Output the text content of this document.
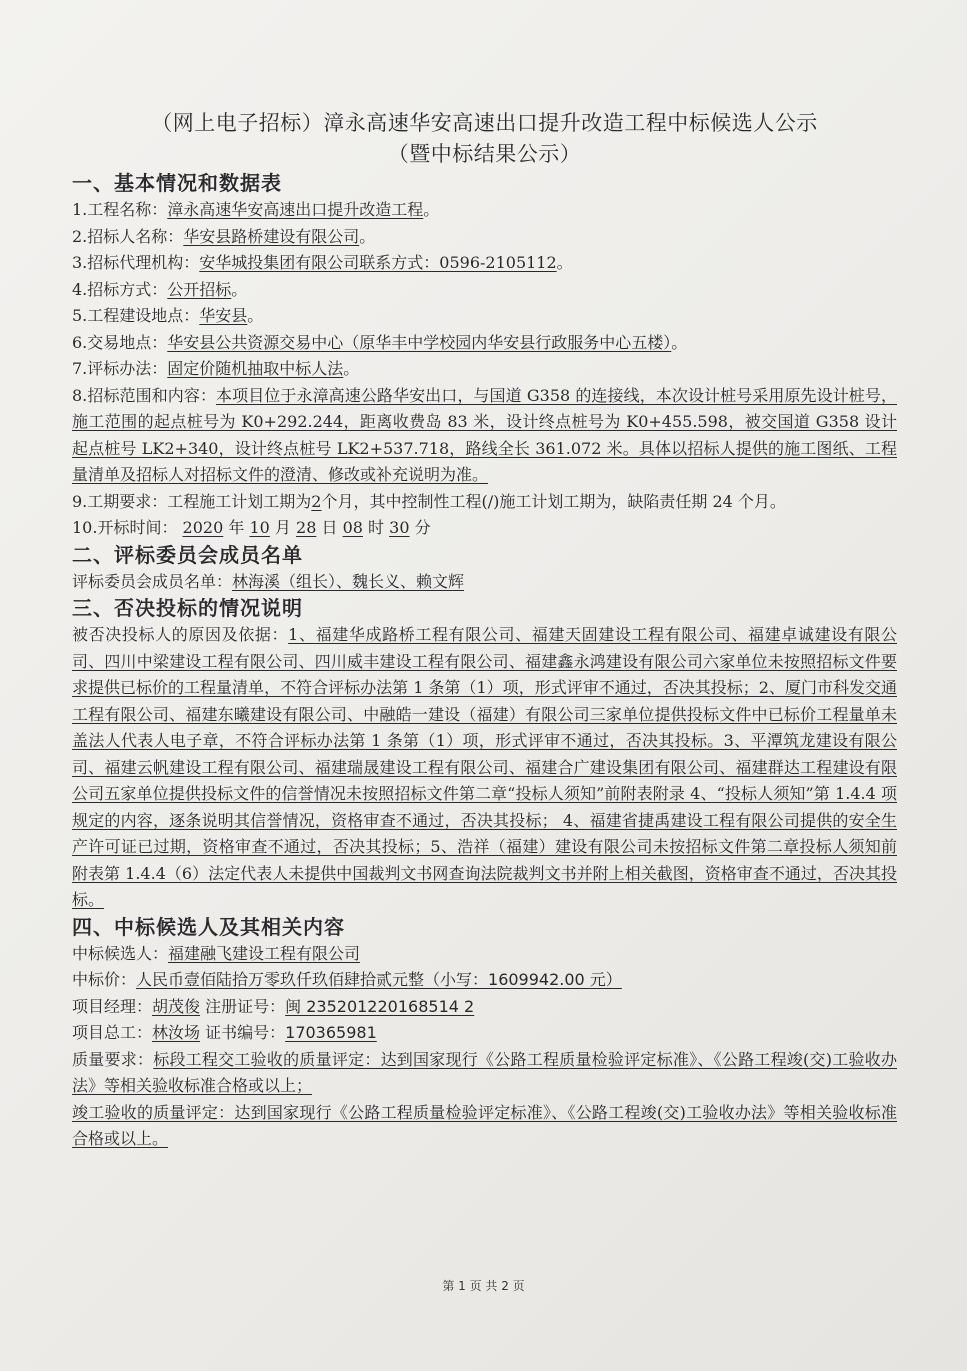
（网上电子招标）漳永高速华安高速出口提升改造工程中标候选人公示
（暨中标结果公示）

一、基本情况和数据表

1.工程名称：漳永高速华安高速出口提升改造工程。

2.招标人名称：华安县路桥建设有限公司。

3.招标代理机构：安华城投集团有限公司联系方式：0596-2105112。

4.招标方式：公开招标。

5.工程建设地点：华安县。

6.交易地点：华安县公共资源交易中心（原华丰中学校园内华安县行政服务中心五楼）。

7.评标办法：固定价随机抽取中标人法。

8.招标范围和内容：本项目位于永漳高速公路华安出口，与国道 G358 的连接线，本次设计桩号采用原先设计桩号，施工范围的起点桩号为 K0+292.244，距离收费岛 83 米，设计终点桩号为 K0+455.598，被交国道 G358 设计起点桩号 LK2+340，设计终点桩号 LK2+537.718，路线全长 361.072 米。具体以招标人提供的施工图纸、工程量清单及招标人对招标文件的澄清、修改或补充说明为准。

9.工期要求：工程施工计划工期为2个月，其中控制性工程(/)施工计划工期为，缺陷责任期 24 个月。

10.开标时间： 2020 年 10 月 28 日 08 时 30 分

二、评标委员会成员名单

评标委员会成员名单：林海溪（组长）、魏长义、赖文辉

三、否决投标的情况说明

被否决投标人的原因及依据：1、福建华成路桥工程有限公司、福建天固建设工程有限公司、福建卓诚建设有限公司、四川中梁建设工程有限公司、四川威丰建设工程有限公司、福建鑫永鸿建设有限公司六家单位未按照招标文件要求提供已标价的工程量清单，不符合评标办法第 1 条第（1）项，形式评审不通过，否决其投标；2、厦门市科发交通工程有限公司、福建东曦建设有限公司、中融皓一建设（福建）有限公司三家单位提供投标文件中已标价工程量单未盖法人代表人电子章，不符合评标办法第 1 条第（1）项，形式评审不通过，否决其投标。3、平潭筑龙建设有限公司、福建云帆建设工程有限公司、福建瑞晟建设工程有限公司、福建合广建设集团有限公司、福建群达工程建设有限公司五家单位提供投标文件的信誉情况未按照招标文件第二章“投标人须知”前附表附录 4、“投标人须知”第 1.4.4 项规定的内容，逐条说明其信誉情况，资格审查不通过，否决其投标； 4、福建省捷禹建设工程有限公司提供的安全生产许可证已过期，资格审查不通过，否决其投标；5、浩祥（福建）建设有限公司未按招标文件第二章投标人须知前附表第 1.4.4（6）法定代表人未提供中国裁判文书网查询法院裁判文书并附上相关截图，资格审查不通过，否决其投标。

四、中标候选人及其相关内容

中标候选人：福建融飞建设工程有限公司

中标价：人民币壹佰陆拾万零玖仟玖佰肆拾贰元整（小写：1609942.00 元）

项目经理：胡茂俊 注册证号：闽 235201220168514 2

项目总工：林汝场 证书编号：170365981

质量要求：标段工程交工验收的质量评定：达到国家现行《公路工程质量检验评定标准》、《公路工程竣(交)工验收办法》等相关验收标准合格或以上；

竣工验收的质量评定：达到国家现行《公路工程质量检验评定标准》、《公路工程竣(交)工验收办法》等相关验收标准合格或以上。

第 1 页 共 2 页
